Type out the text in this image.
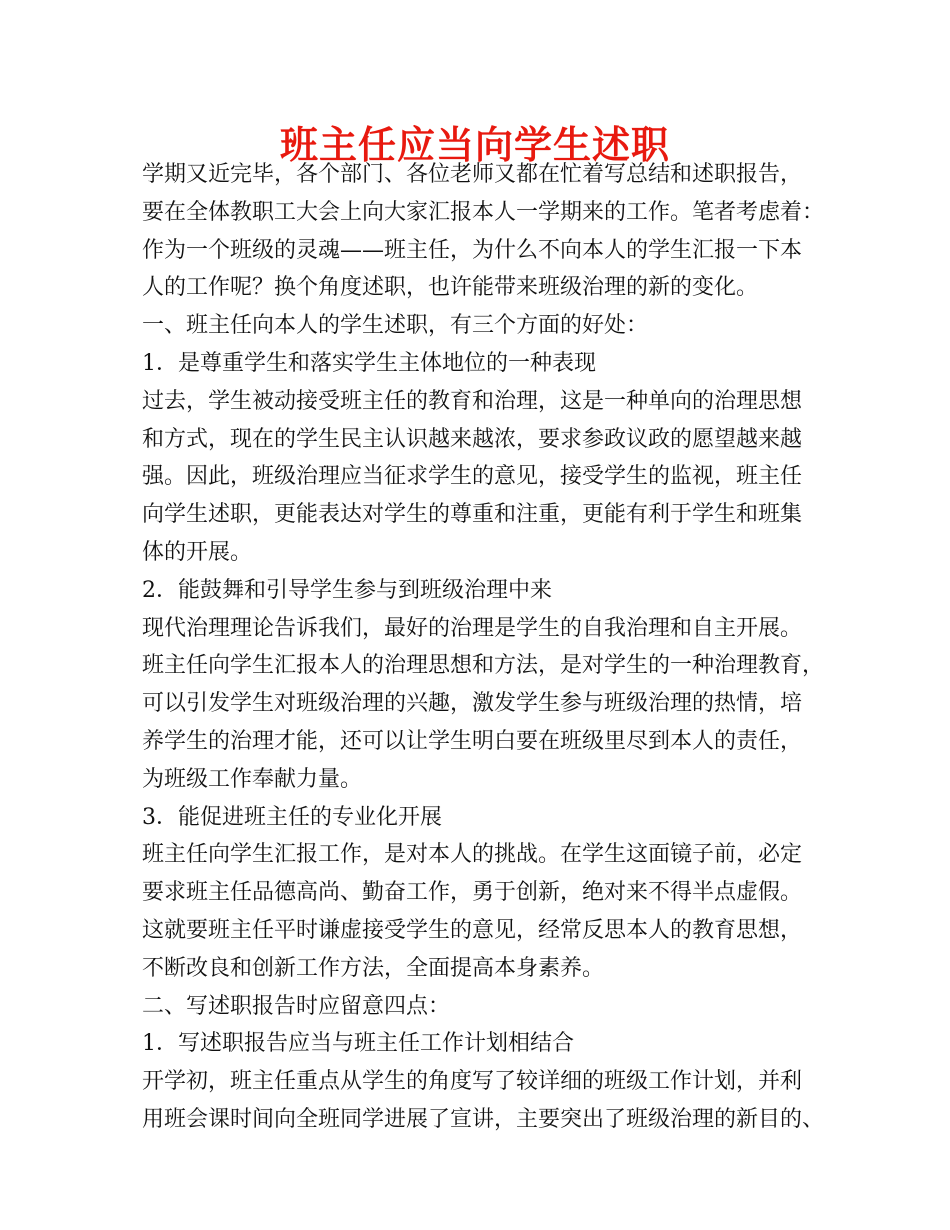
班主任应当向学生述职
学期又近完毕，各个部门、各位老师又都在忙着写总结和述职报告，
要在全体教职工大会上向大家汇报本人一学期来的工作。笔者考虑着：
作为一个班级的灵魂——班主任，为什么不向本人的学生汇报一下本
人的工作呢？换个角度述职，也许能带来班级治理的新的变化。
一、班主任向本人的学生述职，有三个方面的好处：
1．是尊重学生和落实学生主体地位的一种表现
过去，学生被动接受班主任的教育和治理，这是一种单向的治理思想
和方式，现在的学生民主认识越来越浓，要求参政议政的愿望越来越
强。因此，班级治理应当征求学生的意见，接受学生的监视，班主任
向学生述职，更能表达对学生的尊重和注重，更能有利于学生和班集
体的开展。
2．能鼓舞和引导学生参与到班级治理中来
现代治理理论告诉我们，最好的治理是学生的自我治理和自主开展。
班主任向学生汇报本人的治理思想和方法，是对学生的一种治理教育，
可以引发学生对班级治理的兴趣，激发学生参与班级治理的热情，培
养学生的治理才能，还可以让学生明白要在班级里尽到本人的责任，
为班级工作奉献力量。
3．能促进班主任的专业化开展
班主任向学生汇报工作，是对本人的挑战。在学生这面镜子前，必定
要求班主任品德高尚、勤奋工作，勇于创新，绝对来不得半点虚假。
这就要班主任平时谦虚接受学生的意见，经常反思本人的教育思想，
不断改良和创新工作方法，全面提高本身素养。
二、写述职报告时应留意四点：
1．写述职报告应当与班主任工作计划相结合
开学初，班主任重点从学生的角度写了较详细的班级工作计划，并利
用班会课时间向全班同学进展了宣讲，主要突出了班级治理的新目的、
